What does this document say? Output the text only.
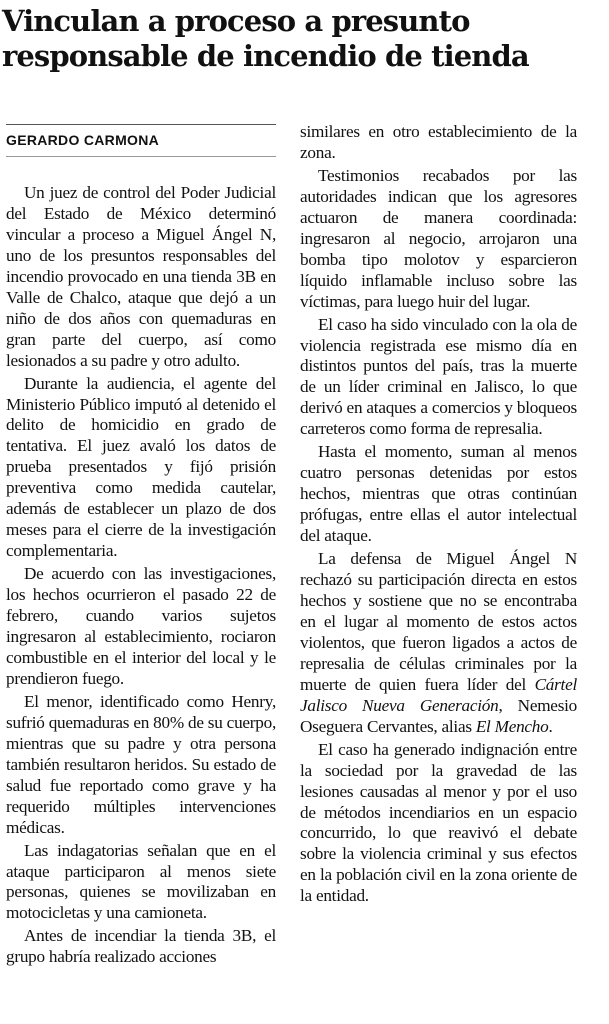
Vinculan a proceso a presunto
responsable de incendio de tienda

GERARDO CARMONA

Un juez de control del Poder Judicial del Estado de México determinó vincular a proceso a Miguel Ángel N, uno de los presuntos responsables del incendio provocado en una tienda 3B en Valle de Chalco, ataque que dejó a un niño de dos años con quemaduras en gran parte del cuerpo, así como lesionados a su padre y otro adulto.

Durante la audiencia, el agente del Ministerio Público imputó al detenido el delito de homicidio en grado de tentativa. El juez avaló los datos de prueba presentados y fijó prisión preventiva como medida cautelar, además de establecer un plazo de dos meses para el cierre de la investigación complementaria.

De acuerdo con las investigaciones, los hechos ocurrieron el pasado 22 de febrero, cuando varios sujetos ingresaron al establecimiento, rociaron combustible en el interior del local y le prendieron fuego.

El menor, identificado como Henry, sufrió quemaduras en 80% de su cuerpo, mientras que su padre y otra persona también resultaron heridos. Su estado de salud fue reportado como grave y ha requerido múltiples intervenciones médicas.

Las indagatorias señalan que en el ataque participaron al menos siete personas, quienes se movilizaban en motocicletas y una camioneta.

Antes de incendiar la tienda 3B, el grupo habría realizado acciones

similares en otro establecimiento de la zona.

Testimonios recabados por las autoridades indican que los agresores actuaron de manera coordinada: ingresaron al negocio, arrojaron una bomba tipo molotov y esparcieron líquido inflamable incluso sobre las víctimas, para luego huir del lugar.

El caso ha sido vinculado con la ola de violencia registrada ese mismo día en distintos puntos del país, tras la muerte de un líder criminal en Jalisco, lo que derivó en ataques a comercios y bloqueos carreteros como forma de represalia.

Hasta el momento, suman al menos cuatro personas detenidas por estos hechos, mientras que otras continúan prófugas, entre ellas el autor intelectual del ataque.

La defensa de Miguel Ángel N rechazó su participación directa en estos hechos y sostiene que no se encontraba en el lugar al momento de estos actos violentos, que fueron ligados a actos de represalia de células criminales por la muerte de quien fuera líder del Cártel Jalisco Nueva Generación, Nemesio Oseguera Cervantes, alias El Mencho.

El caso ha generado indignación entre la sociedad por la gravedad de las lesiones causadas al menor y por el uso de métodos incendiarios en un espacio concurrido, lo que reavivó el debate sobre la violencia criminal y sus efectos en la población civil en la zona oriente de la entidad.
